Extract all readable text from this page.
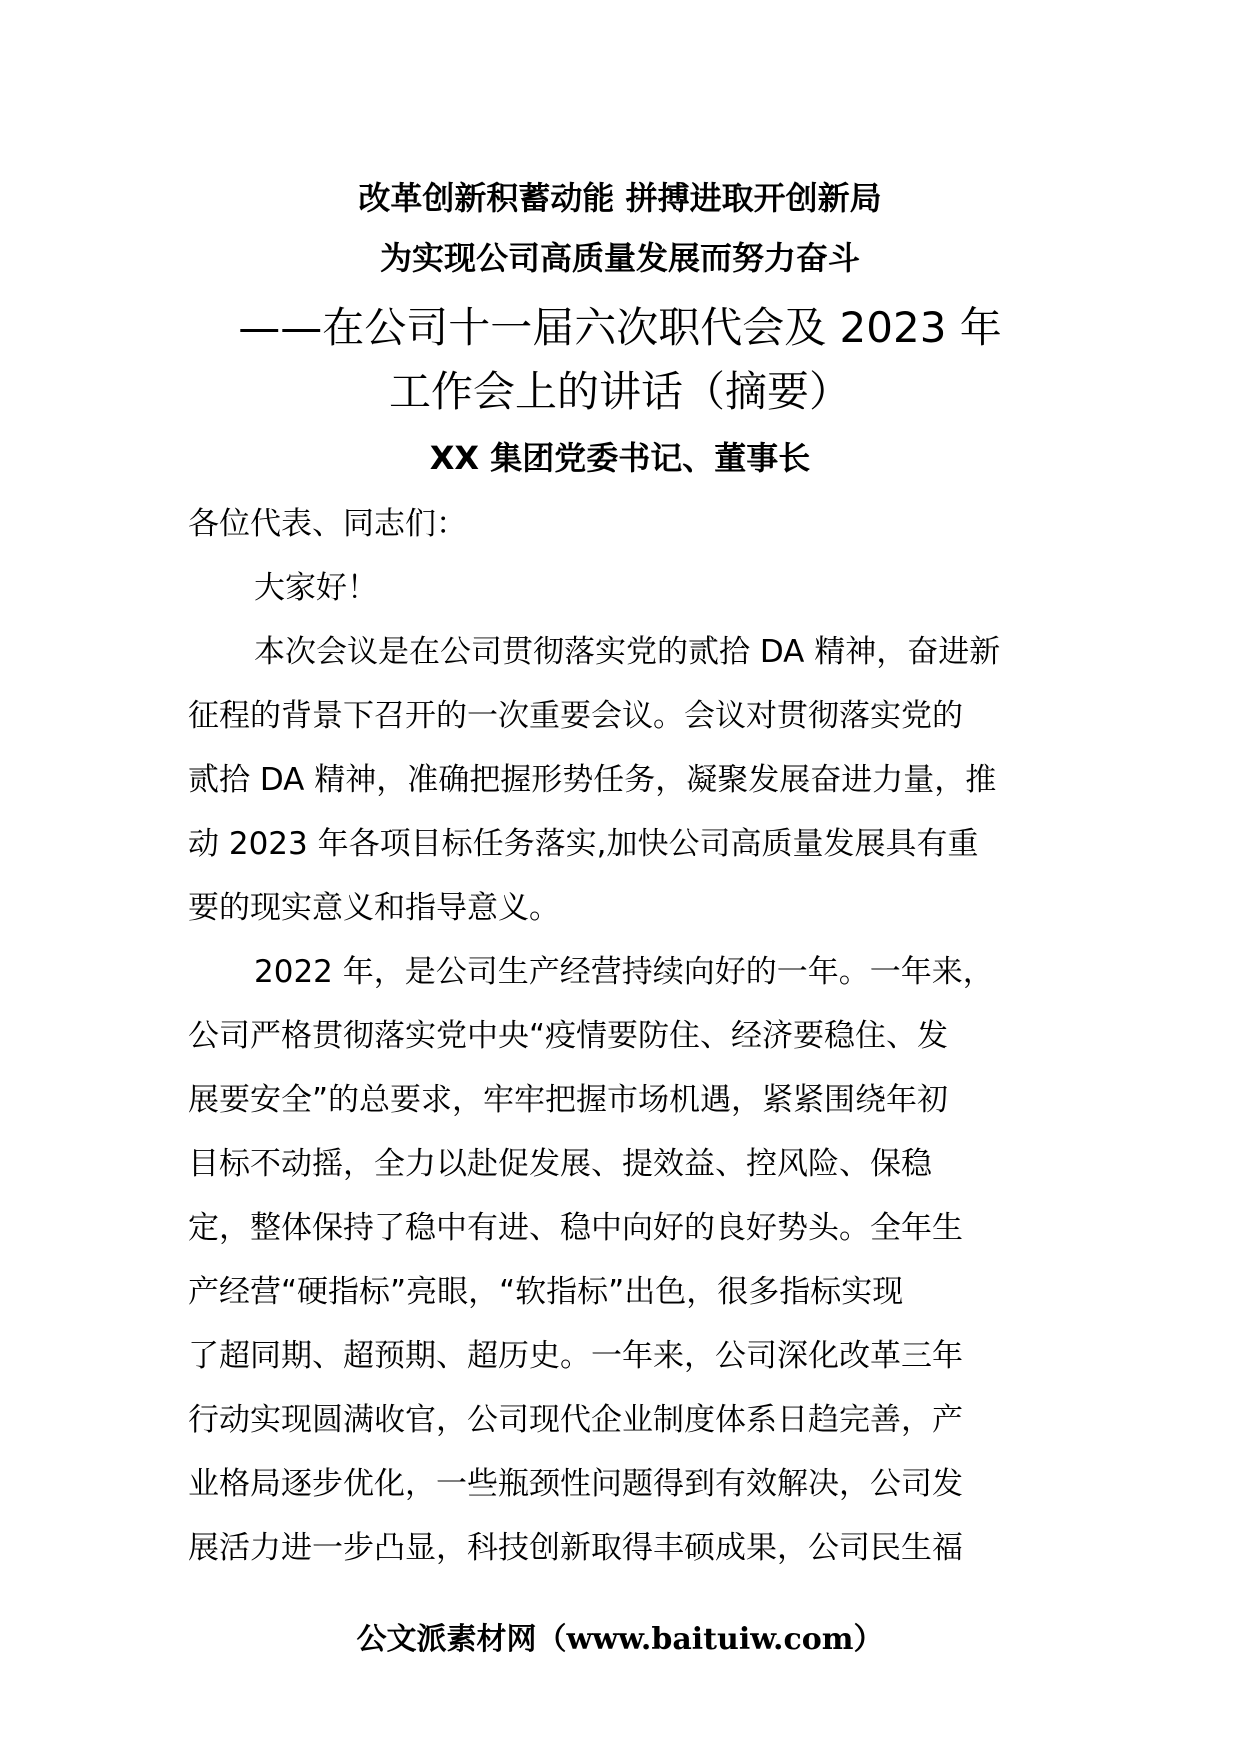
改革创新积蓄动能 拼搏进取开创新局
为实现公司高质量发展而努力奋斗
——在公司十一届六次职代会及 2023 年
工作会上的讲话（摘要）
XX 集团党委书记、董事长
各位代表、同志们：
大家好！
本次会议是在公司贯彻落实党的贰拾 DA 精神，奋进新
征程的背景下召开的一次重要会议。会议对贯彻落实党的
贰拾 DA 精神，准确把握形势任务，凝聚发展奋进力量，推
动 2023 年各项目标任务落实,加快公司高质量发展具有重
要的现实意义和指导意义。
2022 年，是公司生产经营持续向好的一年。一年来，
公司严格贯彻落实党中央“疫情要防住、经济要稳住、发
展要安全”的总要求，牢牢把握市场机遇，紧紧围绕年初
目标不动摇，全力以赴促发展、提效益、控风险、保稳
定，整体保持了稳中有进、稳中向好的良好势头。全年生
产经营“硬指标”亮眼，“软指标”出色，很多指标实现
了超同期、超预期、超历史。一年来，公司深化改革三年
行动实现圆满收官，公司现代企业制度体系日趋完善，产
业格局逐步优化，一些瓶颈性问题得到有效解决，公司发
展活力进一步凸显，科技创新取得丰硕成果，公司民生福
公文派素材网（www.baituiw.com）
